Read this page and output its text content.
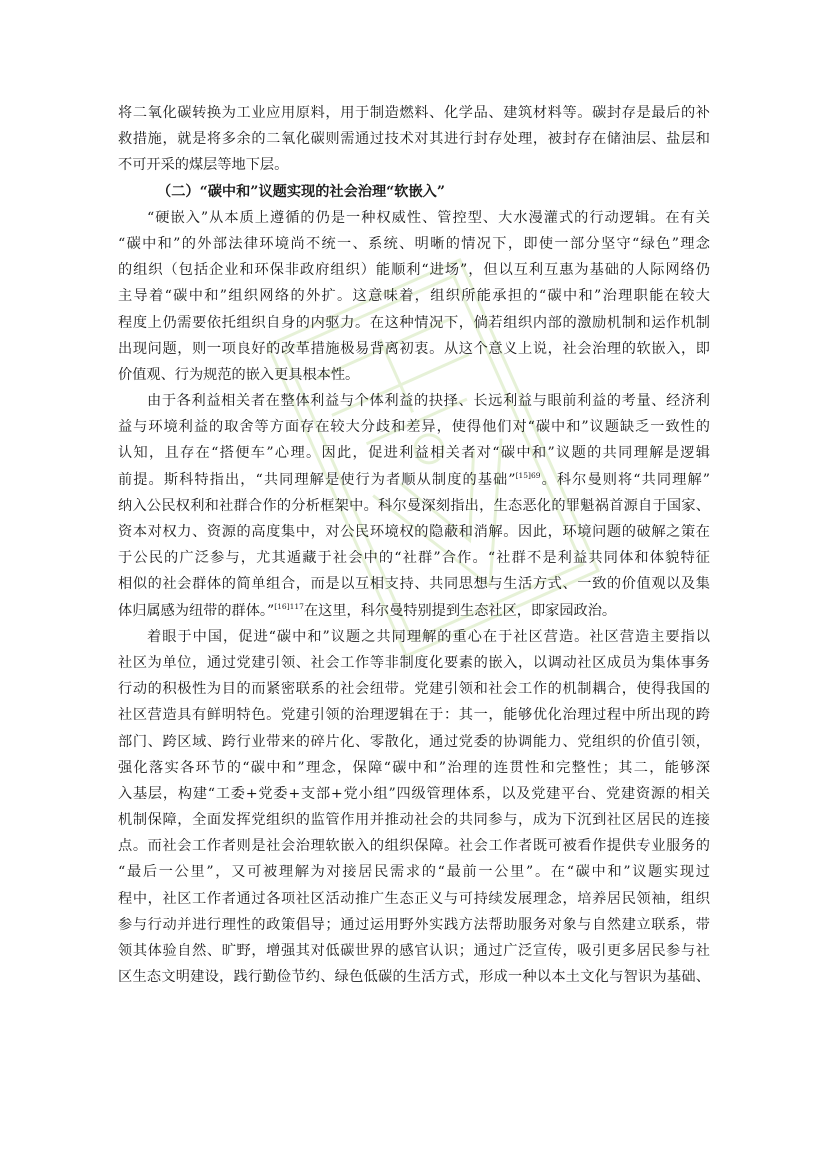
将二氧化碳转换为工业应用原料，用于制造燃料、化学品、建筑材料等。碳封存是最后的补
救措施，就是将多余的二氧化碳则需通过技术对其进行封存处理，被封存在储油层、盐层和
不可开采的煤层等地下层。
（二）“碳中和”议题实现的社会治理“软嵌入”
“硬嵌入”从本质上遵循的仍是一种权威性、管控型、大水漫灌式的行动逻辑。在有关
“碳中和”的外部法律环境尚不统一、系统、明晰的情况下，即使一部分坚守“绿色”理念
的组织（包括企业和环保非政府组织）能顺利“进场”，但以互利互惠为基础的人际网络仍
主导着“碳中和”组织网络的外扩。这意味着，组织所能承担的“碳中和”治理职能在较大
程度上仍需要依托组织自身的内驱力。在这种情况下，倘若组织内部的激励机制和运作机制
出现问题，则一项良好的改革措施极易背离初衷。从这个意义上说，社会治理的软嵌入，即
价值观、行为规范的嵌入更具根本性。
由于各利益相关者在整体利益与个体利益的抉择、长远利益与眼前利益的考量、经济利
益与环境利益的取舍等方面存在较大分歧和差异，使得他们对“碳中和”议题缺乏一致性的
认知，且存在“搭便车”心理。因此，促进利益相关者对“碳中和”议题的共同理解是逻辑
前提。斯科特指出，“共同理解是使行为者顺从制度的基础”$^{[15]69}$。科尔曼则将“共同理解”
纳入公民权利和社群合作的分析框架中。科尔曼深刻指出，生态恶化的罪魁祸首源自于国家、
资本对权力、资源的高度集中，对公民环境权的隐蔽和消解。因此，环境问题的破解之策在
于公民的广泛参与，尤其遁藏于社会中的“社群”合作。“社群不是利益共同体和体貌特征
相似的社会群体的简单组合，而是以互相支持、共同思想与生活方式、一致的价值观以及集
体归属感为纽带的群体。”$^{[16]117}$在这里，科尔曼特别提到生态社区，即家园政治。
着眼于中国，促进“碳中和”议题之共同理解的重心在于社区营造。社区营造主要指以
社区为单位，通过党建引领、社会工作等非制度化要素的嵌入，以调动社区成员为集体事务
行动的积极性为目的而紧密联系的社会纽带。党建引领和社会工作的机制耦合，使得我国的
社区营造具有鲜明特色。党建引领的治理逻辑在于：其一，能够优化治理过程中所出现的跨
部门、跨区域、跨行业带来的碎片化、零散化，通过党委的协调能力、党组织的价值引领，
强化落实各环节的“碳中和”理念，保障“碳中和”治理的连贯性和完整性；其二，能够深
入基层，构建“工委+党委+支部+党小组”四级管理体系，以及党建平台、党建资源的相关
机制保障，全面发挥党组织的监管作用并推动社会的共同参与，成为下沉到社区居民的连接
点。而社会工作者则是社会治理软嵌入的组织保障。社会工作者既可被看作提供专业服务的
“最后一公里”，又可被理解为对接居民需求的“最前一公里”。在“碳中和”议题实现过
程中，社区工作者通过各项社区活动推广生态正义与可持续发展理念，培养居民领袖，组织
参与行动并进行理性的政策倡导；通过运用野外实践方法帮助服务对象与自然建立联系，带
领其体验自然、旷野，增强其对低碳世界的感官认识；通过广泛宣传，吸引更多居民参与社
区生态文明建设，践行勤俭节约、绿色低碳的生活方式，形成一种以本土文化与智识为基础、
